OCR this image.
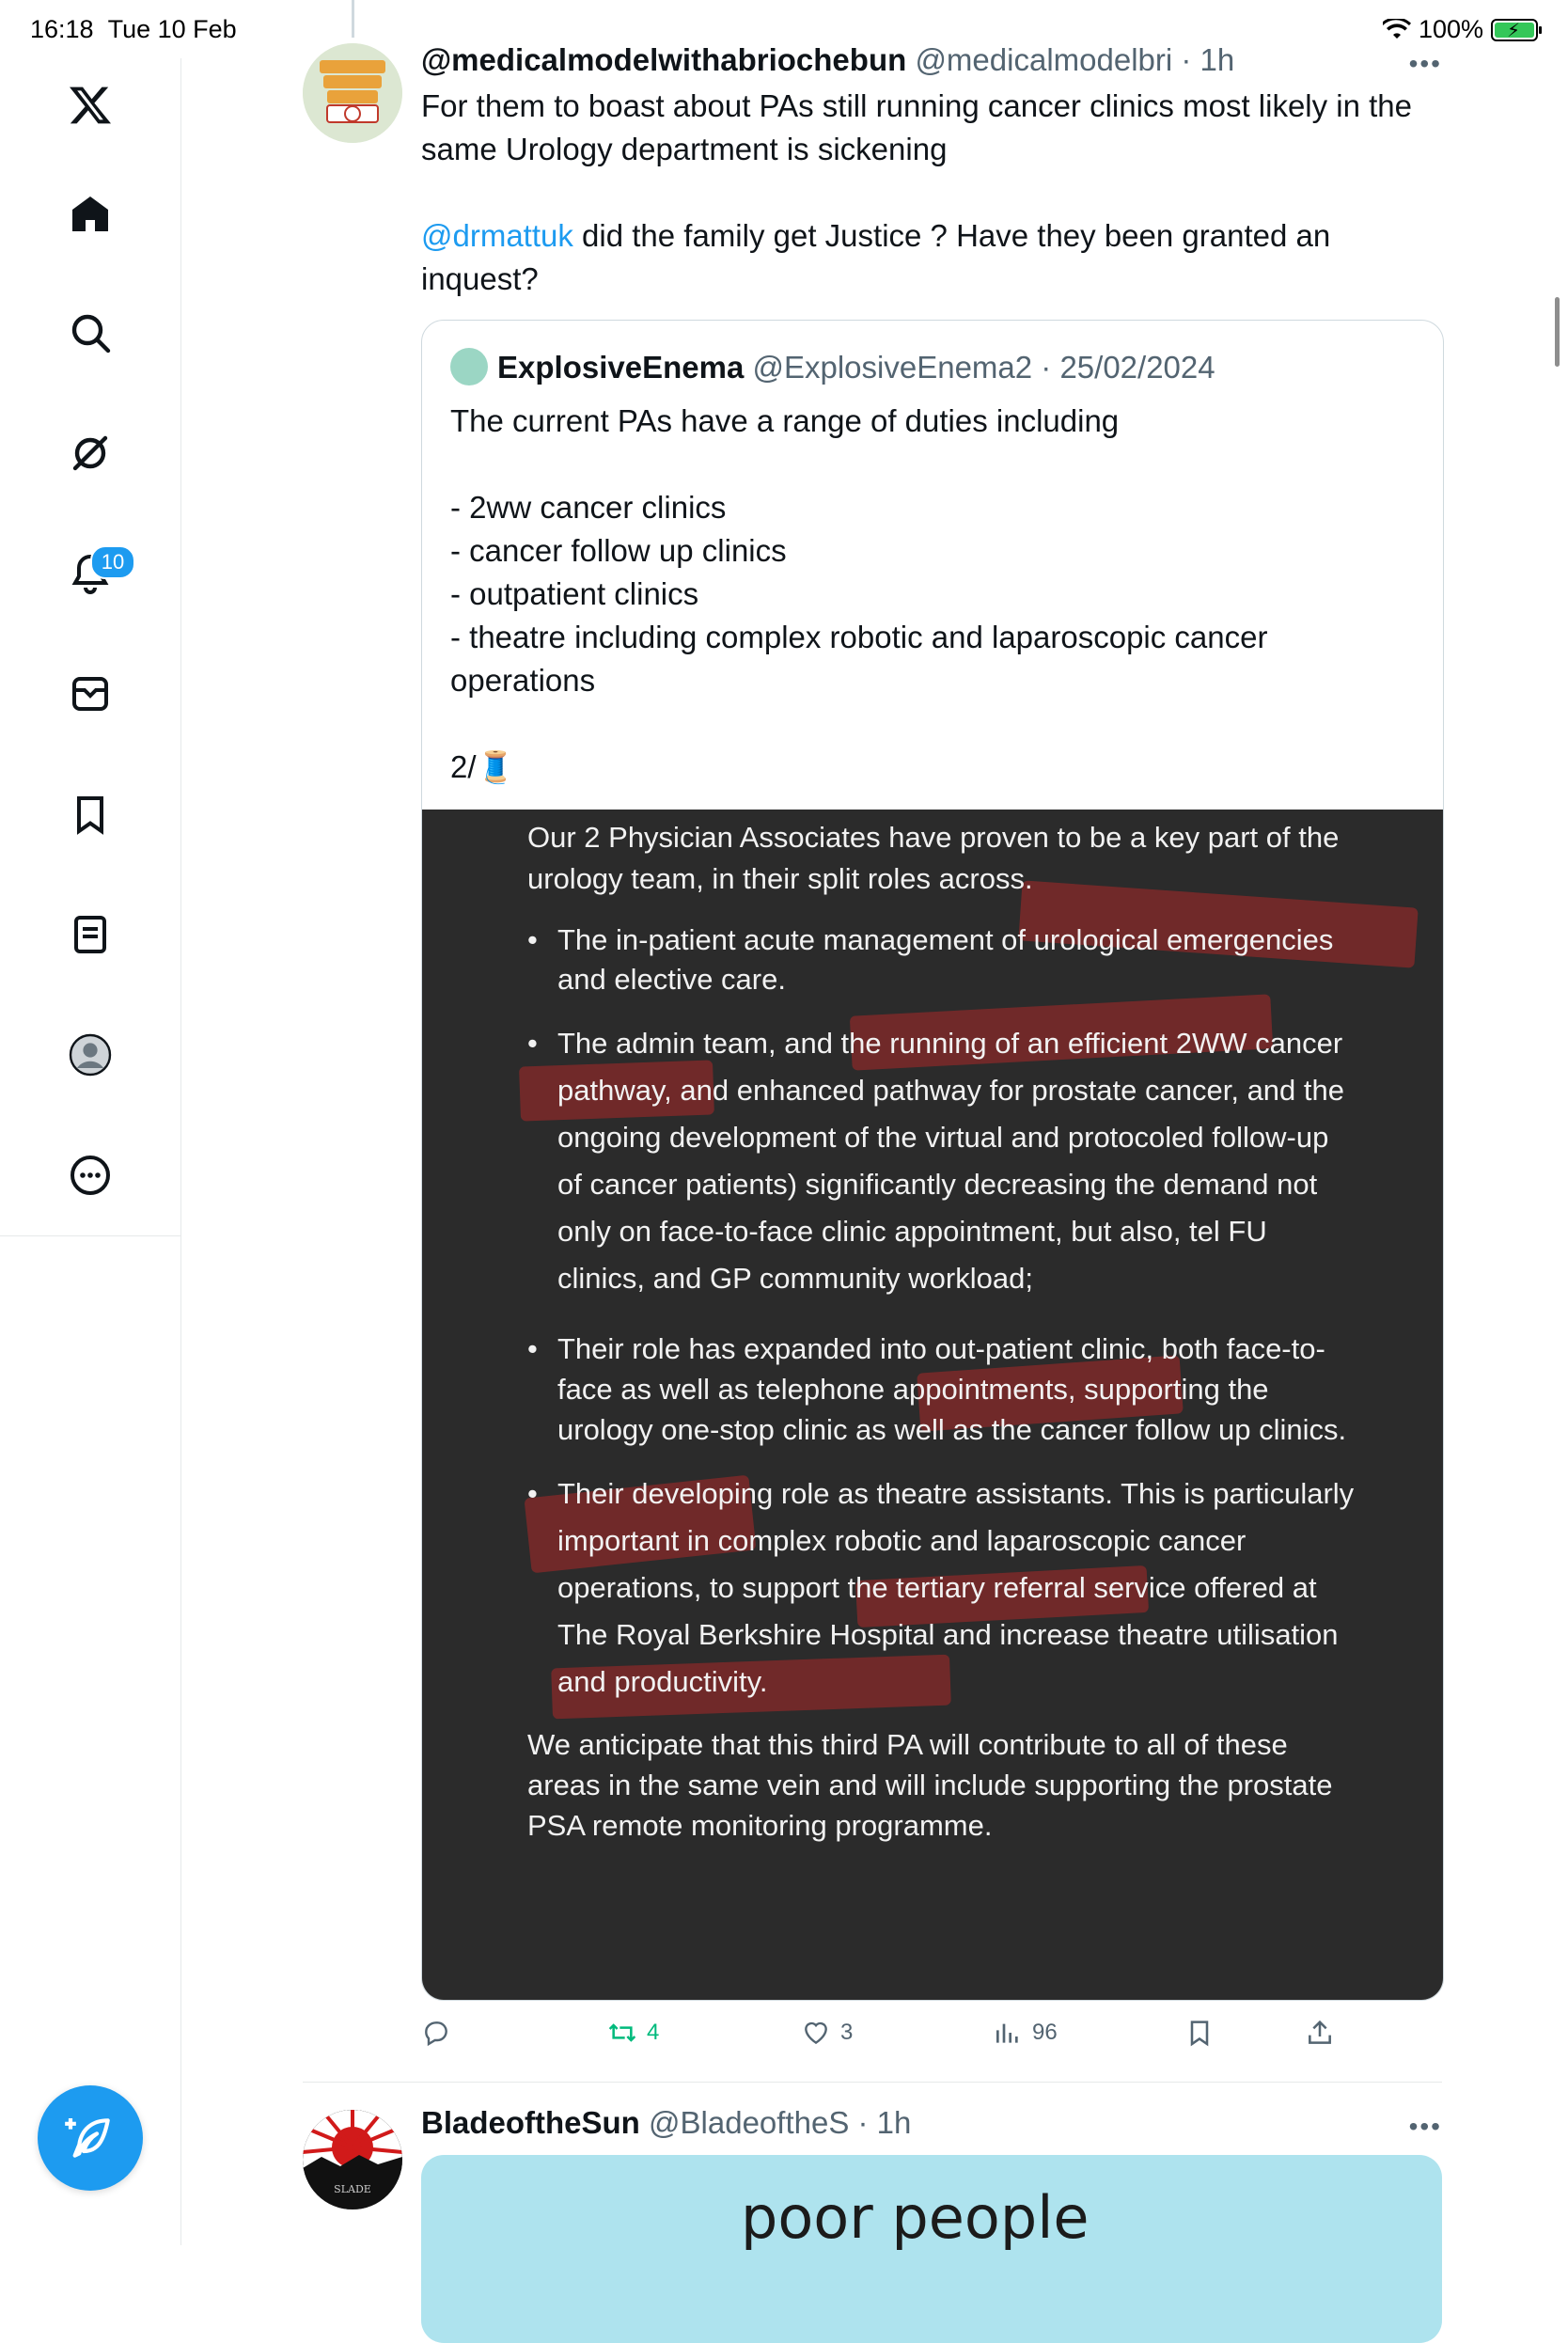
16:18 Tue 10 Feb	100% ⚡
10
@medicalmodelwithabriochebun @medicalmodelbri · 1h	•••
For them to boast about PAs still running cancer clinics most likely in the same Urology department is sickening
@drmattuk did the family get Justice ? Have they been granted an inquest?
ExplosiveEnema @ExplosiveEnema2 · 25/02/2024
The current PAs have a range of duties including
- 2ww cancer clinics
- cancer follow up clinics
- outpatient clinics
- theatre including complex robotic and laparoscopic cancer operations
2/🧵

Our 2 Physician Associates have proven to be a key part of the urology team, in their split roles across.

• The in-patient acute management of urological emergencies and elective care.
• The admin team, and the running of an efficient 2WW cancer pathway, and enhanced pathway for prostate cancer, and the ongoing development of the virtual and protocoled follow-up of cancer patients) significantly decreasing the demand not only on face-to-face clinic appointment, but also, tel FU clinics, and GP community workload;
• Their role has expanded into out-patient clinic, both face-to-face as well as telephone appointments, supporting the urology one-stop clinic as well as the cancer follow up clinics.
• Their developing role as theatre assistants. This is particularly important in complex robotic and laparoscopic cancer operations, to support the tertiary referral service offered at The Royal Berkshire Hospital and increase theatre utilisation and productivity.

We anticipate that this third PA will contribute to all of these areas in the same vein and will include supporting the prostate PSA remote monitoring programme.

4	3	96
SLADE
BladeoftheSun @BladeoftheS · 1h	•••
poor people
